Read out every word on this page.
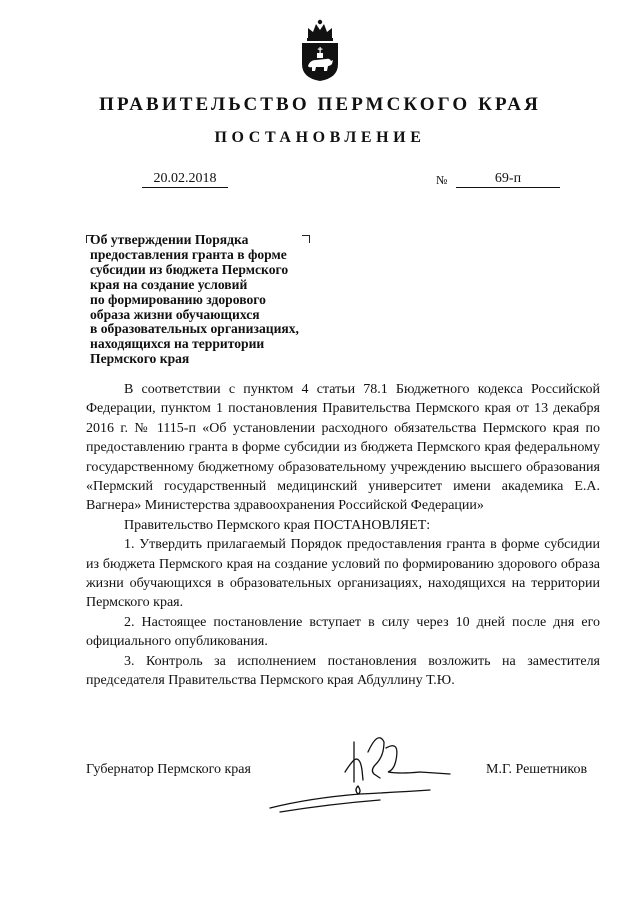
ПРАВИТЕЛЬСТВО ПЕРМСКОГО КРАЯ
ПОСТАНОВЛЕНИЕ
20.02.2018	№	69-п
Об утверждении Порядка
предоставления гранта в форме
субсидии из бюджета Пермского
края на создание условий
по формированию здорового
образа жизни обучающихся
в образовательных организациях,
находящихся на территории
Пермского края

В соответствии с пунктом 4 статьи 78.1 Бюджетного кодекса Российской Федерации, пунктом 1 постановления Правительства Пермского края от 13 декабря 2016 г. № 1115-п «Об установлении расходного обязательства Пермского края по предоставлению гранта в форме субсидии из бюджета Пермского края федеральному государственному бюджетному образовательному учреждению высшего образования «Пермский государственный медицинский университет имени академика Е.А. Вагнера» Министерства здравоохранения Российской Федерации»

Правительство Пермского края ПОСТАНОВЛЯЕТ:

1. Утвердить прилагаемый Порядок предоставления гранта в форме субсидии из бюджета Пермского края на создание условий по формированию здорового образа жизни обучающихся в образовательных организациях, находящихся на территории Пермского края.

2. Настоящее постановление вступает в силу через 10 дней после дня его официального опубликования.

3. Контроль за исполнением постановления возложить на заместителя председателя Правительства Пермского края Абдуллину Т.Ю.

Губернатор Пермского края	М.Г. Решетников
